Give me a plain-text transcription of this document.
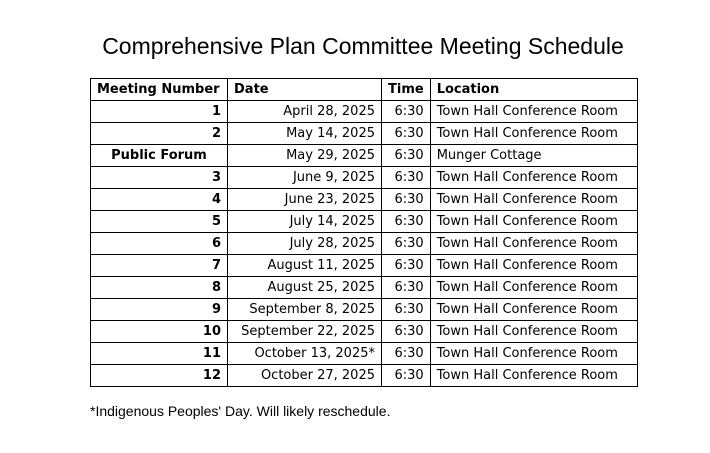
Comprehensive Plan Committee Meeting Schedule
Meeting Number	Date	Time	Location
1	April 28, 2025	6:30	Town Hall Conference Room
2	May 14, 2025	6:30	Town Hall Conference Room
Public Forum	May 29, 2025	6:30	Munger Cottage
3	June 9, 2025	6:30	Town Hall Conference Room
4	June 23, 2025	6:30	Town Hall Conference Room
5	July 14, 2025	6:30	Town Hall Conference Room
6	July 28, 2025	6:30	Town Hall Conference Room
7	August 11, 2025	6:30	Town Hall Conference Room
8	August 25, 2025	6:30	Town Hall Conference Room
9	September 8, 2025	6:30	Town Hall Conference Room
10	September 22, 2025	6:30	Town Hall Conference Room
11	October 13, 2025*	6:30	Town Hall Conference Room
12	October 27, 2025	6:30	Town Hall Conference Room
*Indigenous Peoples' Day. Will likely reschedule.
